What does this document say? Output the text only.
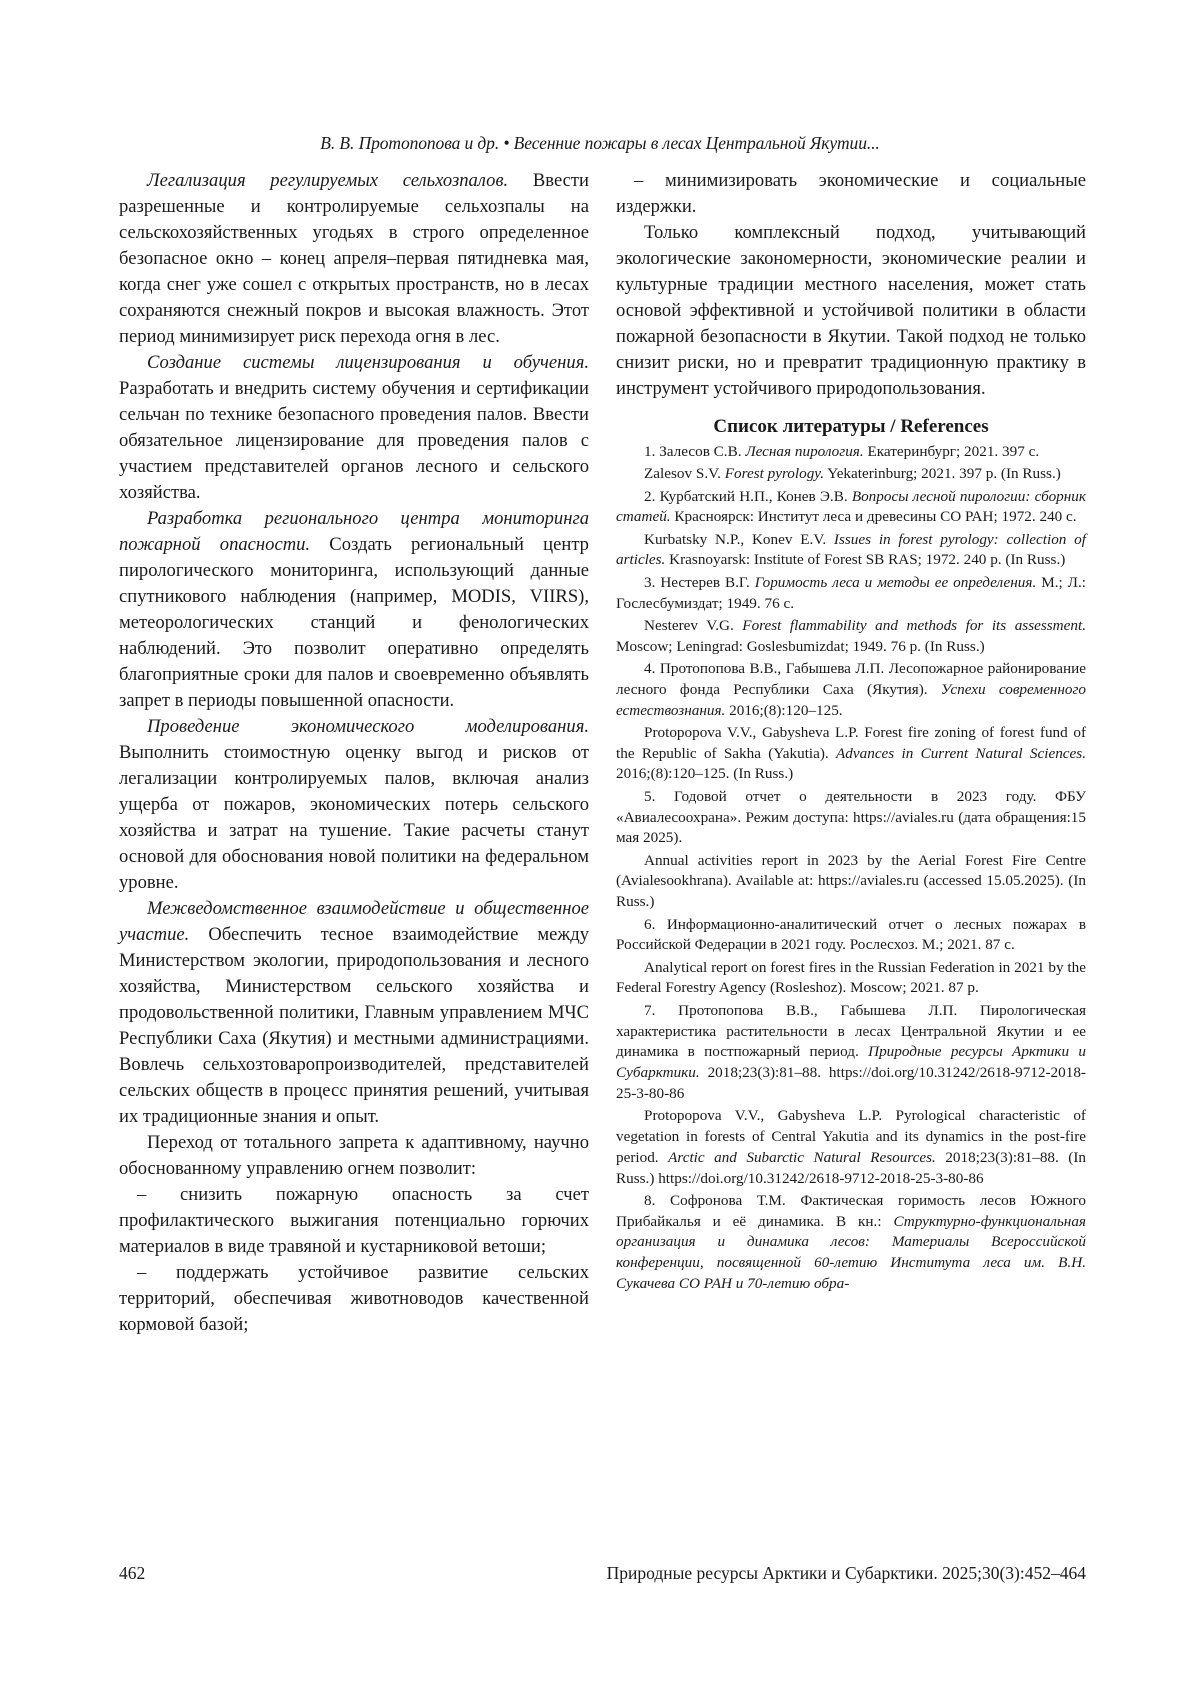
В. В. Протопопова и др. • Весенние пожары в лесах Центральной Якутии...

Легализация регулируемых сельхозпалов. Ввести разрешенные и контролируемые сельхозпалы на сельскохозяйственных угодьях в строго определенное безопасное окно – конец апреля–первая пятидневка мая, когда снег уже сошел с открытых пространств, но в лесах сохраняются снежный покров и высокая влажность. Этот период минимизирует риск перехода огня в лес.

Создание системы лицензирования и обучения. Разработать и внедрить систему обучения и сертификации сельчан по технике безопасного проведения палов. Ввести обязательное лицензирование для проведения палов с участием представителей органов лесного и сельского хозяйства.

Разработка регионального центра мониторинга пожарной опасности. Создать региональный центр пирологического мониторинга, использующий данные спутникового наблюдения (например, MODIS, VIIRS), метеорологических станций и фенологических наблюдений. Это позволит оперативно определять благоприятные сроки для палов и своевременно объявлять запрет в периоды повышенной опасности.

Проведение экономического моделирования. Выполнить стоимостную оценку выгод и рисков от легализации контролируемых палов, включая анализ ущерба от пожаров, экономических потерь сельского хозяйства и затрат на тушение. Такие расчеты станут основой для обоснования новой политики на федеральном уровне.

Межведомственное взаимодействие и общественное участие. Обеспечить тесное взаимодействие между Министерством экологии, природопользования и лесного хозяйства, Министерством сельского хозяйства и продовольственной политики, Главным управлением МЧС Республики Саха (Якутия) и местными администрациями. Вовлечь сельхозтоваропроизводителей, представителей сельских обществ в процесс принятия решений, учитывая их традиционные знания и опыт.

Переход от тотального запрета к адаптивному, научно обоснованному управлению огнем позволит:

– снизить пожарную опасность за счет профилактического выжигания потенциально горючих материалов в виде травяной и кустарниковой ветоши;

– поддержать устойчивое развитие сельских территорий, обеспечивая животноводов качественной кормовой базой;

– минимизировать экономические и социальные издержки.

Только комплексный подход, учитывающий экологические закономерности, экономические реалии и культурные традиции местного населения, может стать основой эффективной и устойчивой политики в области пожарной безопасности в Якутии. Такой подход не только снизит риски, но и превратит традиционную практику в инструмент устойчивого природопользования.

Список литературы / References

1. Залесов С.В. Лесная пирология. Екатеринбург; 2021. 397 с.

Zalesov S.V. Forest pyrology. Yekaterinburg; 2021. 397 p. (In Russ.)

2. Курбатский Н.П., Конев Э.В. Вопросы лесной пирологии: сборник статей. Красноярск: Институт леса и древесины СО РАН; 1972. 240 с.

Kurbatsky N.P., Konev E.V. Issues in forest pyrology: collection of articles. Krasnoyarsk: Institute of Forest SB RAS; 1972. 240 p. (In Russ.)

3. Нестерев В.Г. Горимость леса и методы ее определения. М.; Л.: Гослесбумиздат; 1949. 76 с.

Nesterev V.G. Forest flammability and methods for its assessment. Moscow; Leningrad: Goslesbumizdat; 1949. 76 p. (In Russ.)

4. Протопопова В.В., Габышева Л.П. Лесопожарное районирование лесного фонда Республики Саха (Якутия). Успехи современного естествознания. 2016;(8):120–125.

Protopopova V.V., Gabysheva L.P. Forest fire zoning of forest fund of the Republic of Sakha (Yakutia). Advances in Current Natural Sciences. 2016;(8):120–125. (In Russ.)

5. Годовой отчет о деятельности в 2023 году. ФБУ «Авиалесоохрана». Режим доступа: https://aviales.ru (дата обращения:15 мая 2025).

Annual activities report in 2023 by the Aerial Forest Fire Centre (Avialesookhrana). Available at: https://aviales.ru (accessed 15.05.2025). (In Russ.)

6. Информационно-аналитический отчет о лесных пожарах в Российской Федерации в 2021 году. Рослесхоз. М.; 2021. 87 с.

Analytical report on forest fires in the Russian Federation in 2021 by the Federal Forestry Agency (Rosleshoz). Moscow; 2021. 87 p.

7. Протопопова В.В., Габышева Л.П. Пирологическая характеристика растительности в лесах Центральной Якутии и ее динамика в постпожарный период. Природные ресурсы Арктики и Субарктики. 2018;23(3):81–88. https://doi.org/10.31242/2618-9712-2018-25-3-80-86

Protopopova V.V., Gabysheva L.P. Pyrological characteristic of vegetation in forests of Central Yakutia and its dynamics in the post-fire period. Arctic and Subarctic Natural Resources. 2018;23(3):81–88. (In Russ.) https://doi.org/10.31242/2618-9712-2018-25-3-80-86

8. Софронова Т.М. Фактическая горимость лесов Южного Прибайкалья и её динамика. В кн.: Структурно-функциональная организация и динамика лесов: Материалы Всероссийской конференции, посвященной 60-летию Института леса им. В.Н. Сукачева СО РАН и 70-летию обра-

462	Природные ресурсы Арктики и Субарктики. 2025;30(3):452–464
